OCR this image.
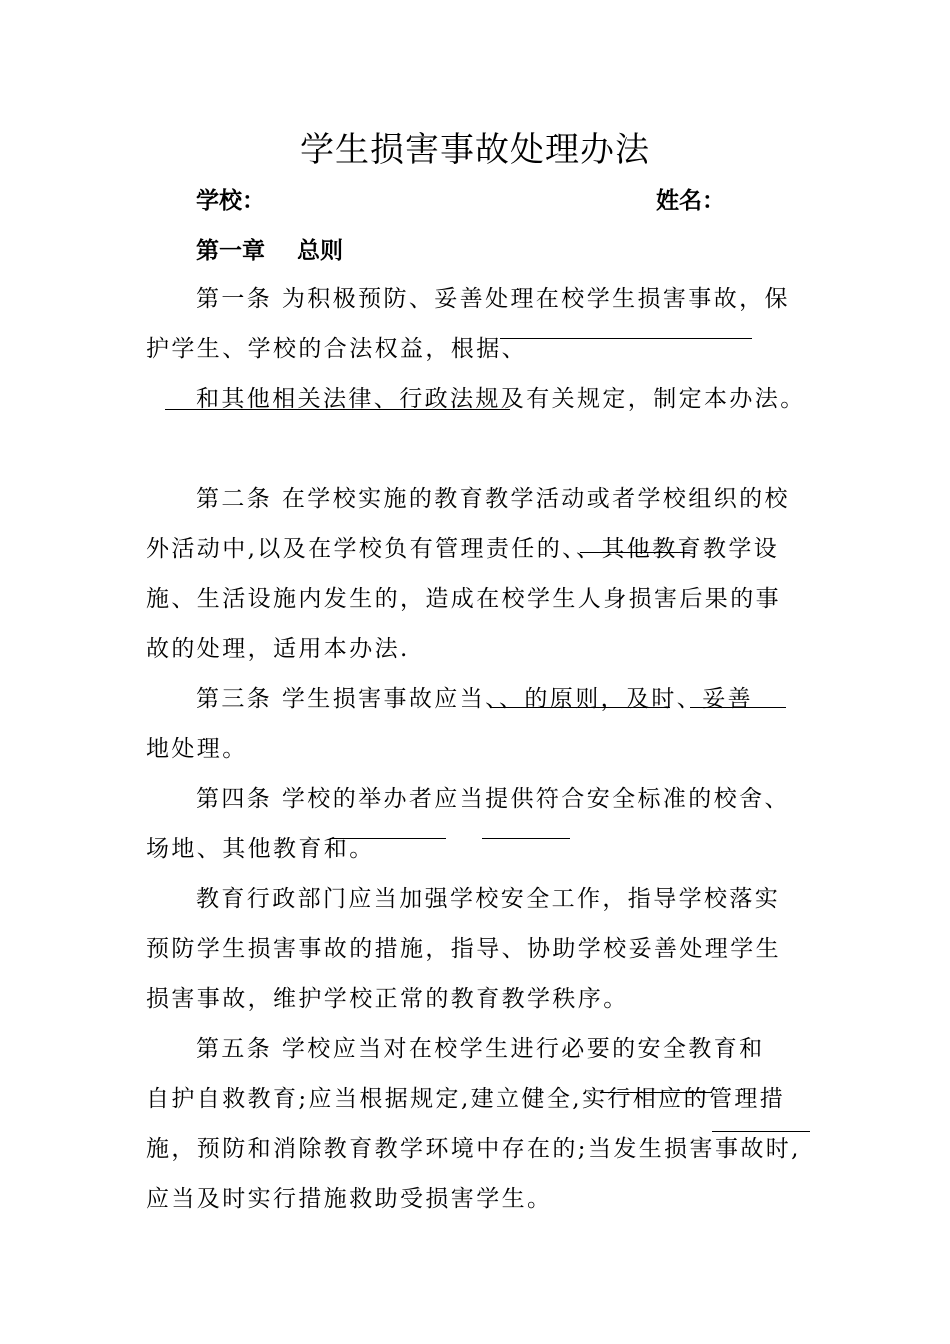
学生损害事故处理办法
学校：	姓名：
第一章    总则
第一条 为积极预防、妥善处理在校学生损害事故，保
护学生、学校的合法权益，根据、
和其他相关法律、行政法规及有关规定，制定本办法。
第二条 在学校实施的教育教学活动或者学校组织的校
外活动中,以及在学校负有管理责任的、、其他教育教学设
施、生活设施内发生的，造成在校学生人身损害后果的事
故的处理，适用本办法.
第三条 学生损害事故应当、、的原则，及时、妥善
地处理。
第四条 学校的举办者应当提供符合安全标准的校舍、
场地、其他教育和。
教育行政部门应当加强学校安全工作，指导学校落实
预防学生损害事故的措施，指导、协助学校妥善处理学生
损害事故，维护学校正常的教育教学秩序。
第五条 学校应当对在校学生进行必要的安全教育和
自护自救教育;应当根据规定,建立健全,实行相应的管理措
施，预防和消除教育教学环境中存在的;当发生损害事故时,
应当及时实行措施救助受损害学生。
